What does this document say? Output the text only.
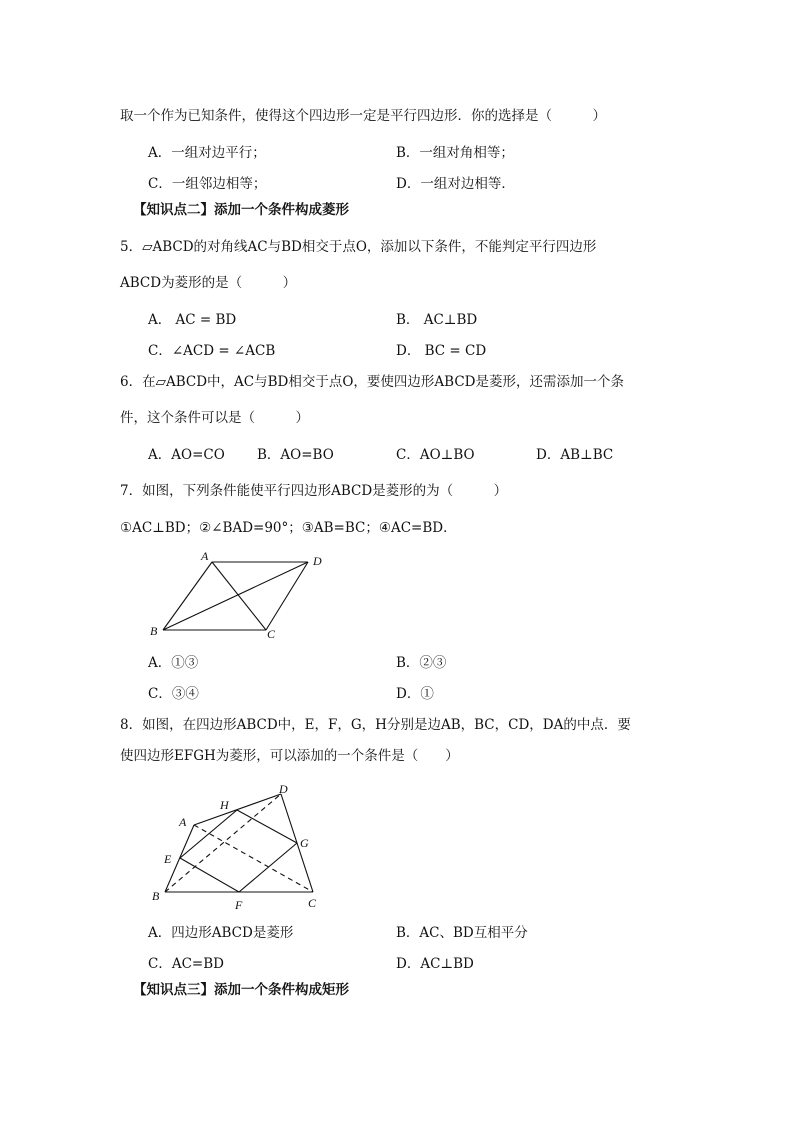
取一个作为已知条件，使得这个四边形一定是平行四边形．你的选择是（　　　）
A．一组对边平行；	B．一组对角相等；
C．一组邻边相等；	D．一组对边相等．
【知识点二】添加一个条件构成菱形
5．▱ABCD的对角线AC与BD相交于点O，添加以下条件，不能判定平行四边形
ABCD为菱形的是（　　　）
A． AC = BD	B． AC⊥BD
C．∠ACD = ∠ACB	D． BC = CD
6．在▱ABCD中，AC与BD相交于点O，要使四边形ABCD是菱形，还需添加一个条
件，这个条件可以是（　　　）
A．AO=CO B．AO=BO	C．AO⊥BO	D．AB⊥BC
7．如图，下列条件能使平行四边形ABCD是菱形的为（　　　）
①AC⊥BD；②∠BAD=90°；③AB=BC；④AC=BD．
A	D
B	C
A．①③	B．②③
C．③④	D．①
8．如图，在四边形ABCD中，E，F，G，H分别是边AB，BC，CD，DA的中点．要
使四边形EFGH为菱形，可以添加的一个条件是（　　）
A
H
D
G
E
B
F	C
A．四边形ABCD是菱形	B．AC、BD互相平分
C．AC=BD	D．AC⊥BD
【知识点三】添加一个条件构成矩形
